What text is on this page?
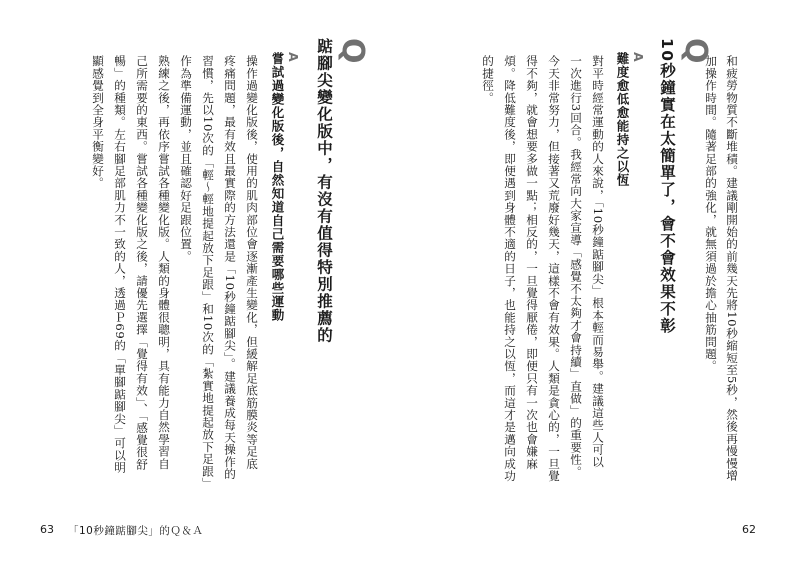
和疲勞物質不斷堆積。建議剛開始的前幾天先將10秒縮短至5秒，然後再慢慢增
加操作時間。隨著足部的強化，就無須過於擔心抽筋問題。
Q
10秒鐘實在太簡單了，會不會效果不彰
A
難度愈低愈能持之以恆
對平時經常運動的人來說，「10秒鐘踮腳尖」根本輕而易舉。建議這些人可以
一次進行3回合。我經常向大家宣導「感覺不太夠才會持續」直做」的重要性。
今天非常努力，但接著又荒廢好幾天，這樣不會有效果。人類是貪心的，一旦覺
得不夠，就會想要多做一點；相反的，一旦覺得厭倦，即便只有一次也會嫌麻
煩。降低難度後，即便遇到身體不適的日子，也能持之以恆，而這才是邁向成功
的捷徑。
62
Q
踮腳尖變化版中，有沒有值得特別推薦的
A
嘗試過變化版後，自然知道自己需要哪些運動
操作過變化版後，使用的肌肉部位會逐漸產生變化，但緩解足底筋膜炎等足底
疼痛問題，最有效且最實際的方法還是「10秒鐘踮腳尖」。建議養成每天操作的
習慣，先以10次的「輕～輕地提起放下足跟」和10次的「紮實地提起放下足跟」
作為準備運動，並且確認好足跟位置。
熟練之後，再依序嘗試各種變化版。人類的身體很聰明，具有能力自然學習自
己所需要的東西。嘗試各種變化版之後，請優先選擇「覺得有效」、「感覺很舒
暢」的種類。左右腳足部肌力不一致的人，透過Ｐ69的「單腳踮腳尖」可以明
顯感覺到全身平衡變好。
63 「10秒鐘踮腳尖」的Ｑ＆Ａ
